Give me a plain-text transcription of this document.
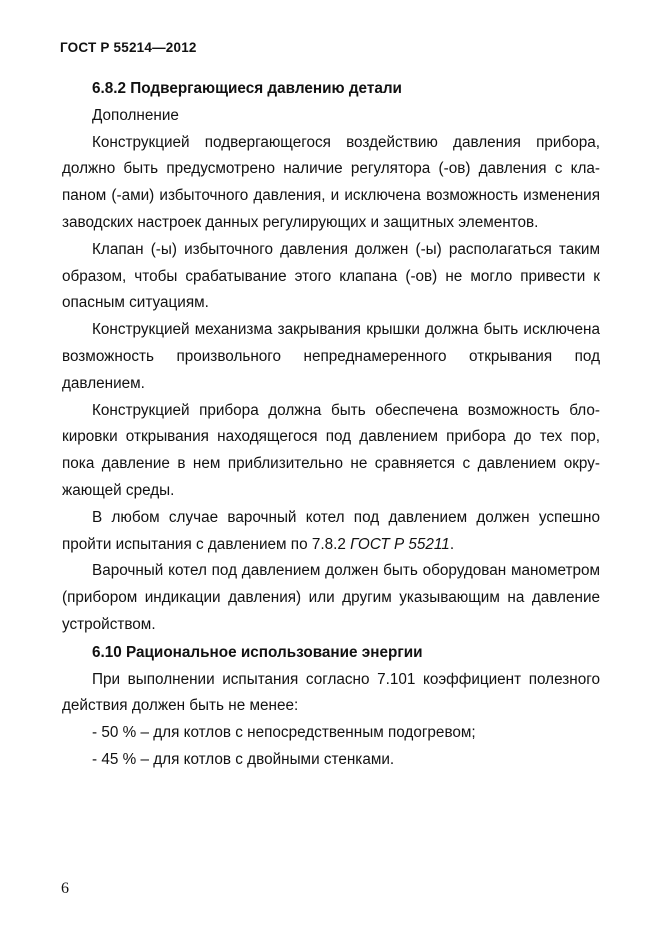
ГОСТ Р 55214—2012

6.8.2 Подвергающиеся давлению детали

Дополнение

Конструкцией подвергающегося воздействию давления прибора, должно быть предусмотрено наличие регулятора (-ов) давления с клапаном (-ами) избыточного давления, и исключена возможность изменения заводских настроек данных регулирующих и защитных элементов.

Клапан (-ы) избыточного давления должен (-ы) располагаться таким образом, чтобы срабатывание этого клапана (-ов) не могло привести к опасным ситуациям.

Конструкцией механизма закрывания крышки должна быть исключена возможность произвольного непреднамеренного открывания под давлением.

Конструкцией прибора должна быть обеспечена возможность блокировки открывания находящегося под давлением прибора до тех пор, пока давление в нем приблизительно не сравняется с давлением окружающей среды.

В любом случае варочный котел под давлением должен успешно пройти испытания с давлением по 7.8.2 ГОСТ Р 55211.

Варочный котел под давлением должен быть оборудован манометром (прибором индикации давления) или другим указывающим на давление устройством.

6.10 Рациональное использование энергии

При выполнении испытания согласно 7.101 коэффициент полезного действия должен быть не менее:

- 50 % – для котлов с непосредственным подогревом;

- 45 % – для котлов с двойными стенками.

6
